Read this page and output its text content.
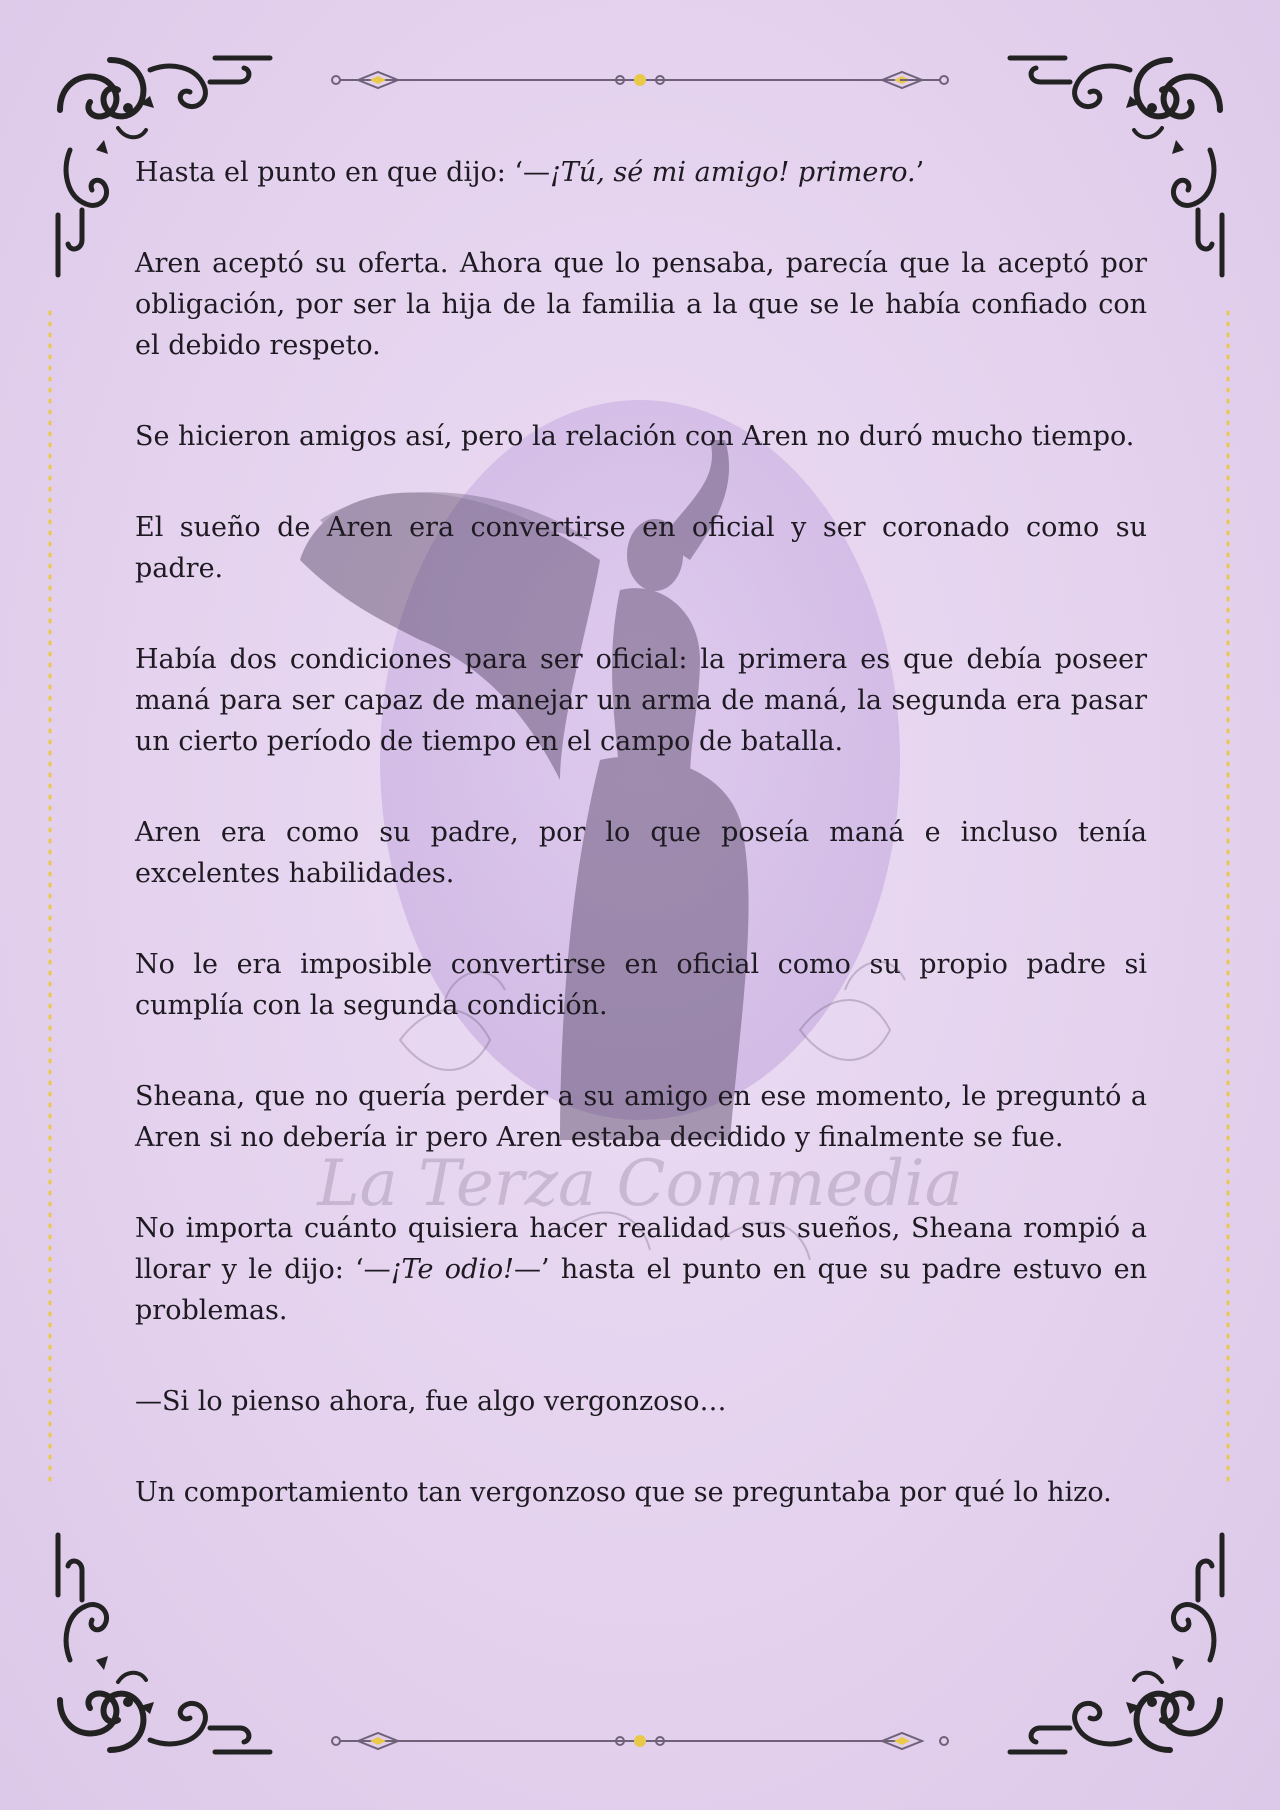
La Terza Commedia

Hasta el punto en que dijo: ‘—¡Tú, sé mi amigo! primero.’

Aren aceptó su oferta. Ahora que lo pensaba, parecía que la aceptó por obligación, por ser la hija de la familia a la que se le había confiado con el debido respeto.

Se hicieron amigos así, pero la relación con Aren no duró mucho tiempo.

El sueño de Aren era convertirse en oficial y ser coronado como su padre.

Había dos condiciones para ser oficial: la primera es que debía poseer maná para ser capaz de manejar un arma de maná, la segunda era pasar un cierto período de tiempo en el campo de batalla.

Aren era como su padre, por lo que poseía maná e incluso tenía excelentes habilidades.

No le era imposible convertirse en oficial como su propio padre si cumplía con la segunda condición.

Sheana, que no quería perder a su amigo en ese momento, le preguntó a Aren si no debería ir pero Aren estaba decidido y finalmente se fue.

No importa cuánto quisiera hacer realidad sus sueños, Sheana rompió a llorar y le dijo: ‘—¡Te odio!—’ hasta el punto en que su padre estuvo en problemas.

—Si lo pienso ahora, fue algo vergonzoso…

Un comportamiento tan vergonzoso que se preguntaba por qué lo hizo.
